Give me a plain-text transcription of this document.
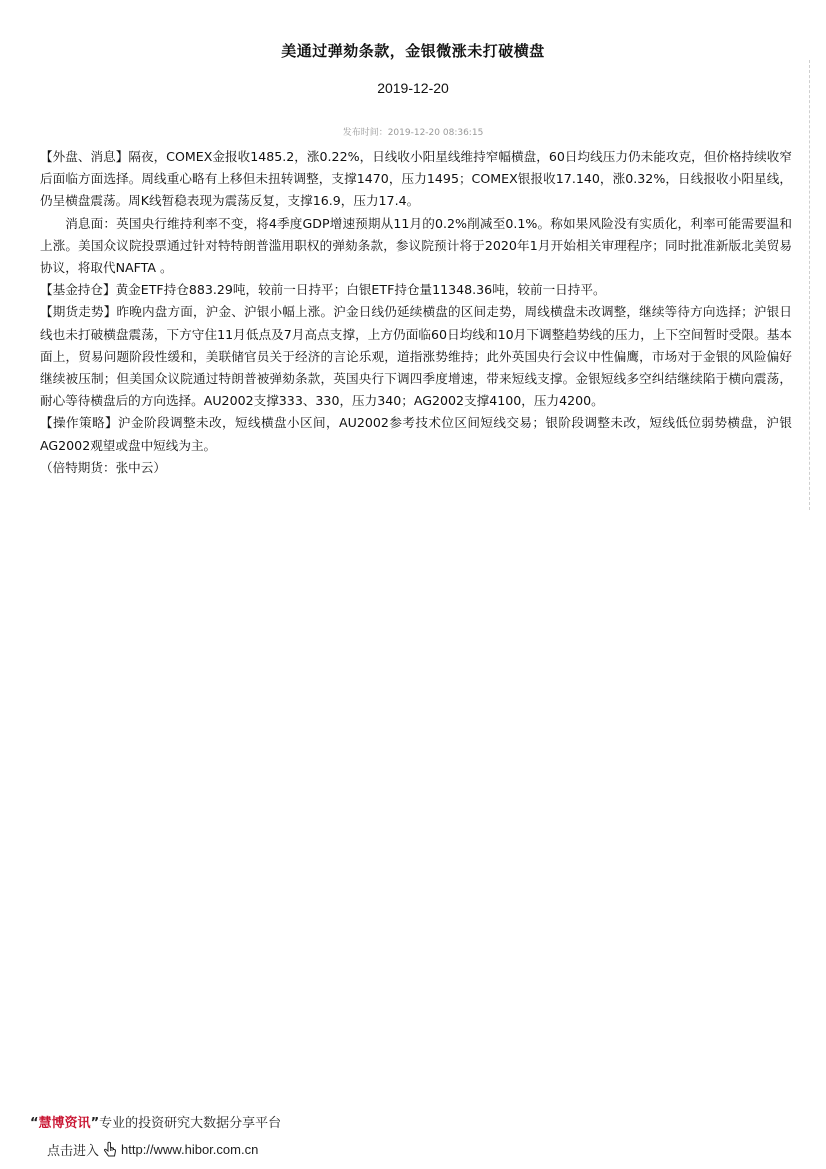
美通过弹劾条款，金银微涨未打破横盘
2019-12-20
发布时间：2019-12-20 08:36:15

【外盘、消息】隔夜，COMEX金报收1485.2，涨0.22%，日线收小阳星线维持窄幅横盘，60日均线压力仍未能攻克，但价格持续收窄后面临方面选择。周线重心略有上移但未扭转调整，支撑1470，压力1495；COMEX银报收17.140，涨0.32%，日线报收小阳星线，仍呈横盘震荡。周K线暂稳表现为震荡反复，支撑16.9，压力17.4。

消息面：英国央行维持利率不变，将4季度GDP增速预期从11月的0.2%削减至0.1%。称如果风险没有实质化，利率可能需要温和上涨。美国众议院投票通过针对特特朗普滥用职权的弹劾条款，参议院预计将于2020年1月开始相关审理程序；同时批准新版北美贸易协议，将取代NAFTA 。

【基金持仓】黄金ETF持仓883.29吨，较前一日持平；白银ETF持仓量11348.36吨，较前一日持平。

【期货走势】昨晚内盘方面，沪金、沪银小幅上涨。沪金日线仍延续横盘的区间走势，周线横盘未改调整，继续等待方向选择；沪银日线也未打破横盘震荡，下方守住11月低点及7月高点支撑，上方仍面临60日均线和10月下调整趋势线的压力，上下空间暂时受限。基本面上，贸易问题阶段性缓和，美联储官员关于经济的言论乐观，道指涨势维持；此外英国央行会议中性偏鹰，市场对于金银的风险偏好继续被压制；但美国众议院通过特朗普被弹劾条款，英国央行下调四季度增速，带来短线支撑。金银短线多空纠结继续陷于横向震荡，耐心等待横盘后的方向选择。AU2002支撑333、330，压力340；AG2002支撑4100，压力4200。

【操作策略】沪金阶段调整未改，短线横盘小区间，AU2002参考技术位区间短线交易；银阶段调整未改，短线低位弱势横盘，沪银AG2002观望或盘中短线为主。

（倍特期货：张中云）

“慧博资讯”专业的投资研究大数据分享平台
点击进入 http://www.hibor.com.cn
